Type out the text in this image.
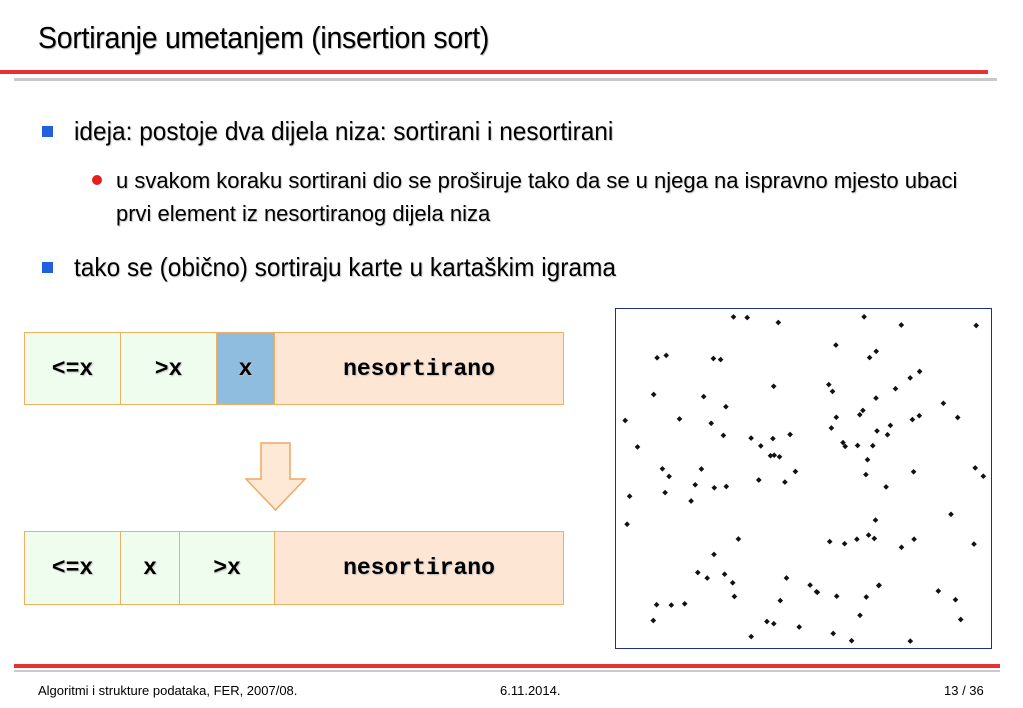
Sortiranje umetanjem (insertion sort)
ideja: postoje dva dijela niza: sortirani i nesortirani
u svakom koraku sortirani dio se proširuje tako da se u njega na ispravno mjesto ubaci prvi element iz nesortiranog dijela niza
tako se (obično) sortiraju karte u kartaškim igrama
<=x	>x	x	nesortirano
<=x	x	>x	nesortirano
Algoritmi i strukture podataka, FER, 2007/08.	6.11.2014.	13 / 36
